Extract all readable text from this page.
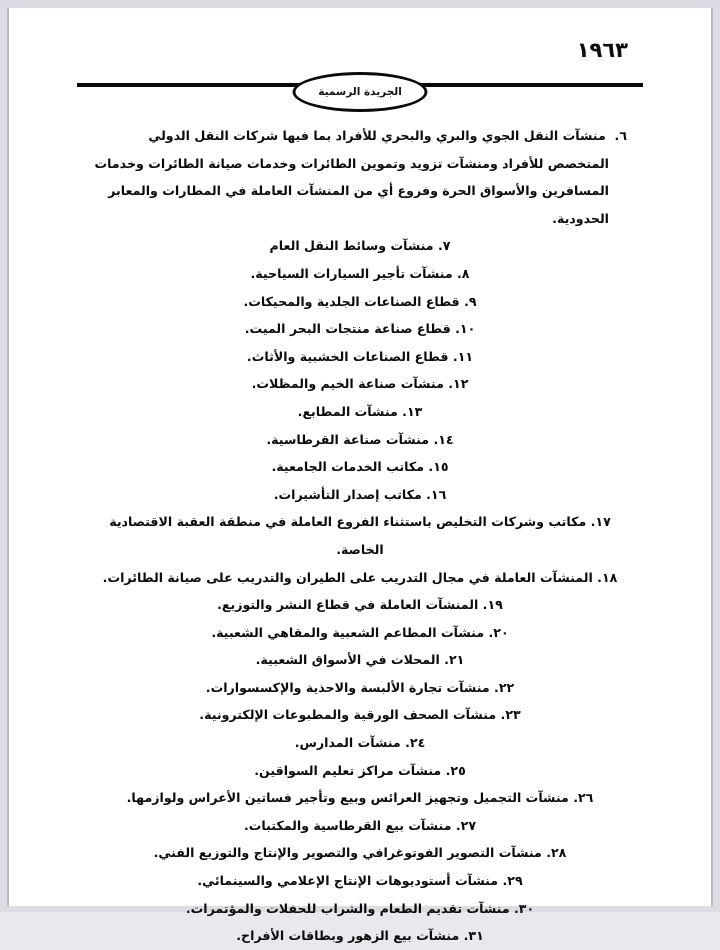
١٩٦٣
الجريدة الرسمية
٦.  منشآت النقل الجوي والبري والبحري للأفراد بما فيها شركات النقل الدولي المتخصص للأفراد ومنشآت تزويد وتموين الطائرات وخدمات صيانة الطائرات وخدمات المسافرين والأسواق الحرة وفروع أي من المنشآت العاملة في المطارات والمعابر الحدودية.
٧. منشآت وسائط النقل العام
٨. منشآت تأجير السيارات السياحية.
٩. قطاع الصناعات الجلدية والمحيكات.
١٠. قطاع صناعة منتجات البحر الميت.
١١. قطاع الصناعات الخشبية والأثاث.
١٢. منشآت صناعة الخيم والمظلات.
١٣. منشآت المطابع.
١٤. منشآت صناعة القرطاسية.
١٥. مكاتب الخدمات الجامعية.
١٦. مكاتب إصدار التأشيرات.
١٧. مكاتب وشركات التخليص باستثناء الفروع العاملة في منطقة العقبة الاقتصادية الخاصة.
١٨. المنشآت العاملة في مجال التدريب على الطيران والتدريب على صيانة الطائرات.
١٩. المنشآت العاملة في قطاع النشر والتوزيع.
٢٠. منشآت المطاعم الشعبية والمقاهي الشعبية.
٢١. المحلات في الأسواق الشعبية.
٢٢. منشآت تجارة الألبسة والاحذية والإكسسوارات.
٢٣. منشآت الصحف الورقية والمطبوعات الإلكترونية.
٢٤. منشآت المدارس.
٢٥. منشآت مراكز تعليم السواقين.
٢٦. منشآت التجميل وتجهيز العرائس وبيع وتأجير فساتين الأعراس ولوازمها.
٢٧. منشآت بيع القرطاسية والمكتبات.
٢٨. منشآت التصوير الفوتوغرافي والتصوير والإنتاج والتوزيع الفني.
٢٩. منشآت أستوديوهات الإنتاج الإعلامي والسينمائي.
٣٠. منشآت تقديم الطعام والشراب للحفلات والمؤتمرات.
٣١. منشآت بيع الزهور وبطاقات الأفراح.
